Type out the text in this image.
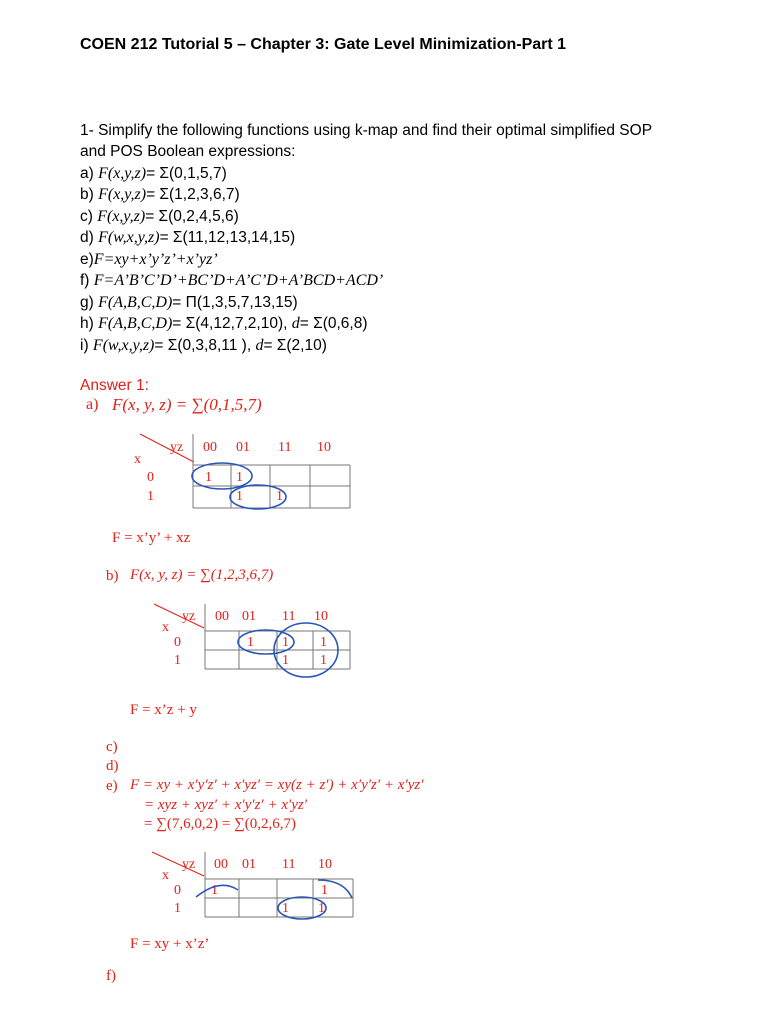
COEN 212 Tutorial 5 – Chapter 3: Gate Level Minimization-Part 1
1- Simplify the following functions using k-map and find their optimal simplified SOP
and POS Boolean expressions:
a) F(x,y,z)= Σ(0,1,5,7)
b) F(x,y,z)= Σ(1,2,3,6,7)
c) F(x,y,z)= Σ(0,2,4,5,6)
d) F(w,x,y,z)= Σ(11,12,13,14,15)
e)F=xy+x’y’z’+x’yz’
f) F=A’B’C’D’+BC’D+A’C’D+A’BCD+ACD’
g) F(A,B,C,D)= Π(1,3,5,7,13,15)
h) F(A,B,C,D)= Σ(4,12,7,2,10), d= Σ(0,6,8)
i) F(w,x,y,z)= Σ(0,3,8,11 ), d= Σ(2,10)
Answer 1:
a) F(x, y, z) = ∑(0,1,5,7)
yz
x
00 01 11 10
0
1
1 1
1 1
F = x’y’ + xz
b) F(x, y, z) = ∑(1,2,3,6,7)
yz
x
00 01 11 10
0
1
1 1 1
1 1
F = x’z + y
c)
d)
e) F = xy + x′y′z′ + x′yz′ = xy(z + z′) + x′y′z′ + x′yz′
= xyz + xyz′ + x′y′z′ + x′yz′
= ∑(7,6,0,2) = ∑(0,2,6,7)
yz
x
00 01 11 10
0
1
1	1
1 1
F = xy + x’z’
f)
